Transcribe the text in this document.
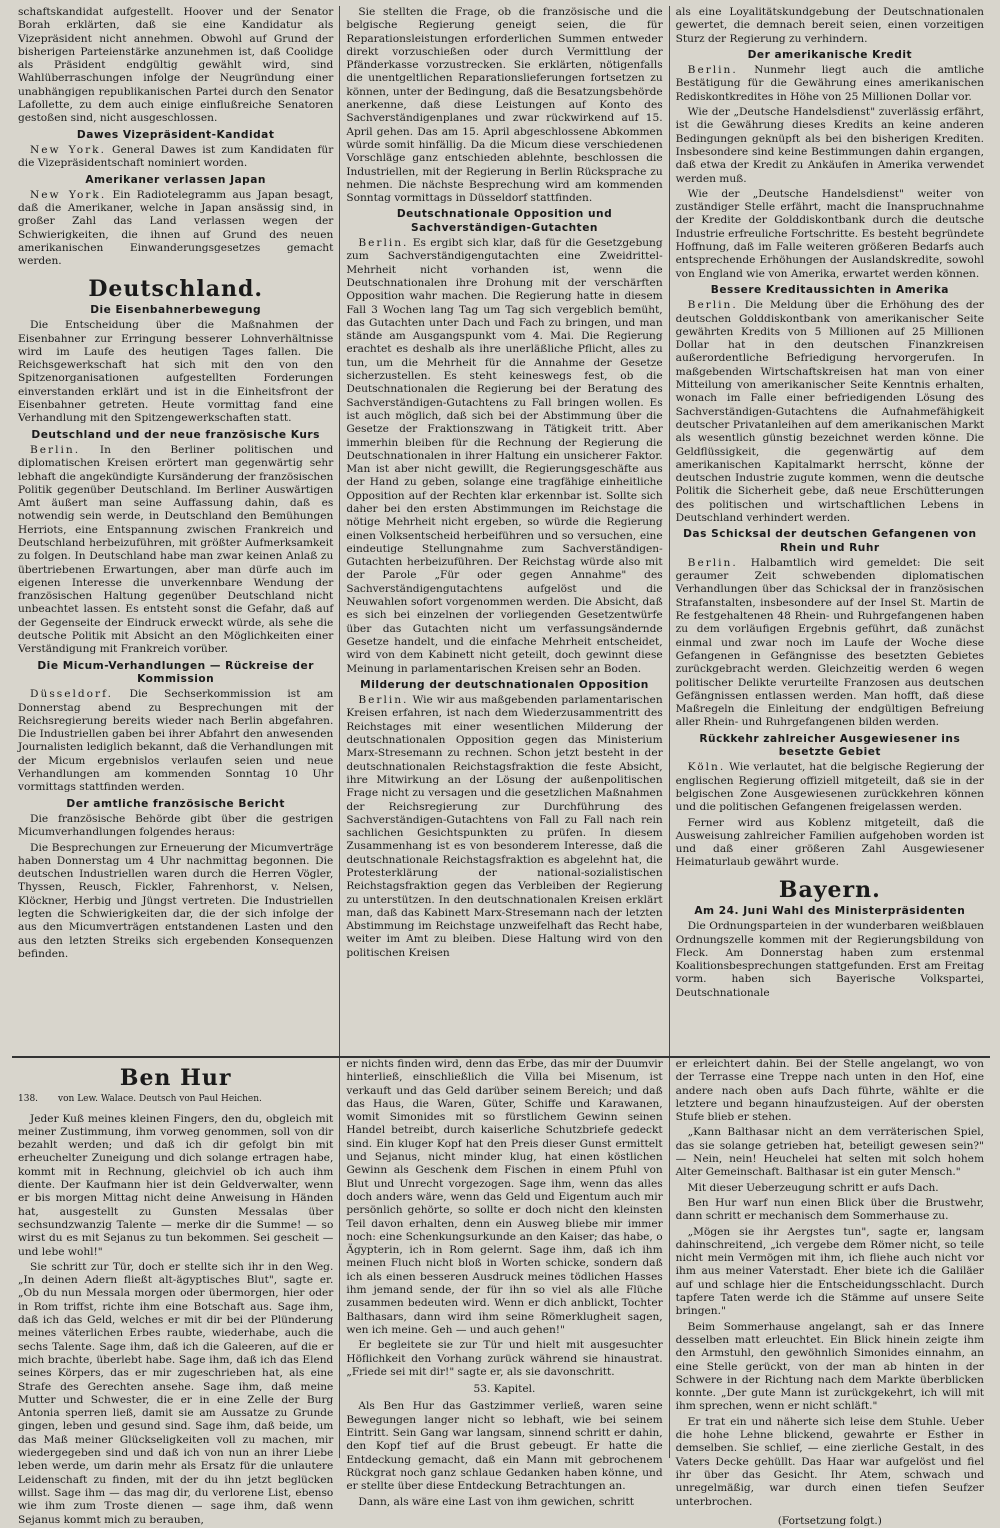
schaftskandidat aufgestellt. Hoover und der Senator Borah erklärten, daß sie eine Kandidatur als Vizepräsident nicht annehmen. Obwohl auf Grund der bisherigen Parteienstärke anzunehmen ist, daß Coolidge als Präsident endgültig gewählt wird, sind Wahlüberraschungen infolge der Neugründung einer unabhängigen republikanischen Partei durch den Senator Lafollette, zu dem auch einige einflußreiche Senatoren gestoßen sind, nicht ausgeschlossen.

Dawes Vizepräsident-Kandidat

New York. General Dawes ist zum Kandidaten für die Vizepräsidentschaft nominiert worden.

Amerikaner verlassen Japan

New York. Ein Radiotelegramm aus Japan besagt, daß die Amerikaner, welche in Japan ansässig sind, in großer Zahl das Land verlassen wegen der Schwierigkeiten, die ihnen auf Grund des neuen amerikanischen Einwanderungsgesetzes gemacht werden.

Deutschland.
Die Eisenbahnerbewegung

Die Entscheidung über die Maßnahmen der Eisenbahner zur Erringung besserer Lohnverhältnisse wird im Laufe des heutigen Tages fallen. Die Reichsgewerkschaft hat sich mit den von den Spitzenorganisationen aufgestellten Forderungen einverstanden erklärt und ist in die Einheitsfront der Eisenbahner getreten. Heute vormittag fand eine Verhandlung mit den Spitzengewerkschaften statt.

Deutschland und der neue französische Kurs

Berlin. In den Berliner politischen und diplomatischen Kreisen erörtert man gegenwärtig sehr lebhaft die angekündigte Kursänderung der französischen Politik gegenüber Deutschland. Im Berliner Auswärtigen Amt äußert man seine Auffassung dahin, daß es notwendig sein werde, in Deutschland den Bemühungen Herriots, eine Entspannung zwischen Frankreich und Deutschland herbeizuführen, mit größter Aufmerksamkeit zu folgen. In Deutschland habe man zwar keinen Anlaß zu übertriebenen Erwartungen, aber man dürfe auch im eigenen Interesse die unverkennbare Wendung der französischen Haltung gegenüber Deutschland nicht unbeachtet lassen. Es entsteht sonst die Gefahr, daß auf der Gegenseite der Eindruck erweckt würde, als sehe die deutsche Politik mit Absicht an den Möglichkeiten einer Verständigung mit Frankreich vorüber.

Die Micum-Verhandlungen — Rückreise der Kommission

Düsseldorf. Die Sechserkommission ist am Donnerstag abend zu Besprechungen mit der Reichsregierung bereits wieder nach Berlin abgefahren. Die Industriellen gaben bei ihrer Abfahrt den anwesenden Journalisten lediglich bekannt, daß die Verhandlungen mit der Micum ergebnislos verlaufen seien und neue Verhandlungen am kommenden Sonntag 10 Uhr vormittags stattfinden werden.

Der amtliche französische Bericht

Die französische Behörde gibt über die gestrigen Micumverhandlungen folgendes heraus:

Die Besprechungen zur Erneuerung der Micumverträge haben Donnerstag um 4 Uhr nachmittag begonnen. Die deutschen Industriellen waren durch die Herren Vögler, Thyssen, Reusch, Fickler, Fahrenhorst, v. Nelsen, Klöckner, Herbig und Jüngst vertreten. Die Industriellen legten die Schwierigkeiten dar, die der sich infolge der aus den Micumverträgen entstandenen Lasten und den aus den letzten Streiks sich ergebenden Konsequenzen befinden.

Sie stellten die Frage, ob die französische und die belgische Regierung geneigt seien, die für Reparationsleistungen erforderlichen Summen entweder direkt vorzuschießen oder durch Vermittlung der Pfänderkasse vorzustrecken. Sie erklärten, nötigenfalls die unentgeltlichen Reparationslieferungen fortsetzen zu können, unter der Bedingung, daß die Besatzungsbehörde anerkenne, daß diese Leistungen auf Konto des Sachverständigenplanes und zwar rückwirkend auf 15. April gehen. Das am 15. April abgeschlossene Abkommen würde somit hinfällig. Da die Micum diese verschiedenen Vorschläge ganz entschieden ablehnte, beschlossen die Industriellen, mit der Regierung in Berlin Rücksprache zu nehmen. Die nächste Besprechung wird am kommenden Sonntag vormittags in Düsseldorf stattfinden.

Deutschnationale Opposition und Sachverständigen-Gutachten

Berlin. Es ergibt sich klar, daß für die Gesetzgebung zum Sachverständigengutachten eine Zweidrittel-Mehrheit nicht vorhanden ist, wenn die Deutschnationalen ihre Drohung mit der verschärften Opposition wahr machen. Die Regierung hatte in diesem Fall 3 Wochen lang Tag um Tag sich vergeblich bemüht, das Gutachten unter Dach und Fach zu bringen, und man stände am Ausgangspunkt vom 4. Mai. Die Regierung erachtet es deshalb als ihre unerläßliche Pflicht, alles zu tun, um die Mehrheit für die Annahme der Gesetze sicherzustellen. Es steht keineswegs fest, ob die Deutschnationalen die Regierung bei der Beratung des Sachverständigen-Gutachtens zu Fall bringen wollen. Es ist auch möglich, daß sich bei der Abstimmung über die Gesetze der Fraktionszwang in Tätigkeit tritt. Aber immerhin bleiben für die Rechnung der Regierung die Deutschnationalen in ihrer Haltung ein unsicherer Faktor. Man ist aber nicht gewillt, die Regierungsgeschäfte aus der Hand zu geben, solange eine tragfähige einheitliche Opposition auf der Rechten klar erkennbar ist. Sollte sich daher bei den ersten Abstimmungen im Reichstage die nötige Mehrheit nicht ergeben, so würde die Regierung einen Volksentscheid herbeiführen und so versuchen, eine eindeutige Stellungnahme zum Sachverständigen-Gutachten herbeizuführen. Der Reichstag würde also mit der Parole „Für oder gegen Annahme" des Sachverständigengutachtens aufgelöst und die Neuwahlen sofort vorgenommen werden. Die Absicht, daß es sich bei einzelnen der vorliegenden Gesetzentwürfe über das Gutachten nicht um verfassungsändernde Gesetze handelt, und die einfache Mehrheit entscheidet, wird von dem Kabinett nicht geteilt, doch gewinnt diese Meinung in parlamentarischen Kreisen sehr an Boden.

Milderung der deutschnationalen Opposition

Berlin. Wie wir aus maßgebenden parlamentarischen Kreisen erfahren, ist nach dem Wiederzusammentritt des Reichstages mit einer wesentlichen Milderung der deutschnationalen Opposition gegen das Ministerium Marx-Stresemann zu rechnen. Schon jetzt besteht in der deutschnationalen Reichstagsfraktion die feste Absicht, ihre Mitwirkung an der Lösung der außenpolitischen Frage nicht zu versagen und die gesetzlichen Maßnahmen der Reichsregierung zur Durchführung des Sachverständigen-Gutachtens von Fall zu Fall nach rein sachlichen Gesichtspunkten zu prüfen. In diesem Zusammenhang ist es von besonderem Interesse, daß die deutschnationale Reichstagsfraktion es abgelehnt hat, die Protesterklärung der national-sozialistischen Reichstagsfraktion gegen das Verbleiben der Regierung zu unterstützen. In den deutschnationalen Kreisen erklärt man, daß das Kabinett Marx-Stresemann nach der letzten Abstimmung im Reichstage unzweifelhaft das Recht habe, weiter im Amt zu bleiben. Diese Haltung wird von den politischen Kreisen

als eine Loyalitätskundgebung der Deutschnationalen gewertet, die demnach bereit seien, einen vorzeitigen Sturz der Regierung zu verhindern.

Der amerikanische Kredit

Berlin. Nunmehr liegt auch die amtliche Bestätigung für die Gewährung eines amerikanischen Rediskontkredites in Höhe von 25 Millionen Dollar vor.

Wie der „Deutsche Handelsdienst" zuverlässig erfährt, ist die Gewährung dieses Kredits an keine anderen Bedingungen geknüpft als bei den bisherigen Krediten. Insbesondere sind keine Bestimmungen dahin ergangen, daß etwa der Kredit zu Ankäufen in Amerika verwendet werden muß.

Wie der „Deutsche Handelsdienst" weiter von zuständiger Stelle erfährt, macht die Inanspruchnahme der Kredite der Golddiskontbank durch die deutsche Industrie erfreuliche Fortschritte. Es besteht begründete Hoffnung, daß im Falle weiteren größeren Bedarfs auch entsprechende Erhöhungen der Auslandskredite, sowohl von England wie von Amerika, erwartet werden können.

Bessere Kreditaussichten in Amerika

Berlin. Die Meldung über die Erhöhung des der deutschen Golddiskontbank von amerikanischer Seite gewährten Kredits von 5 Millionen auf 25 Millionen Dollar hat in den deutschen Finanzkreisen außerordentliche Befriedigung hervorgerufen. In maßgebenden Wirtschaftskreisen hat man von einer Mitteilung von amerikanischer Seite Kenntnis erhalten, wonach im Falle einer befriedigenden Lösung des Sachverständigen-Gutachtens die Aufnahmefähigkeit deutscher Privatanleihen auf dem amerikanischen Markt als wesentlich günstig bezeichnet werden könne. Die Geldflüssigkeit, die gegenwärtig auf dem amerikanischen Kapitalmarkt herrscht, könne der deutschen Industrie zugute kommen, wenn die deutsche Politik die Sicherheit gebe, daß neue Erschütterungen des politischen und wirtschaftlichen Lebens in Deutschland verhindert werden.

Das Schicksal der deutschen Gefangenen von Rhein und Ruhr

Berlin. Halbamtlich wird gemeldet: Die seit geraumer Zeit schwebenden diplomatischen Verhandlungen über das Schicksal der in französischen Strafanstalten, insbesondere auf der Insel St. Martin de Re festgehaltenen 48 Rhein- und Ruhrgefangenen haben zu dem vorläufigen Ergebnis geführt, daß zunächst einmal und zwar noch im Laufe der Woche diese Gefangenen in Gefängnisse des besetzten Gebietes zurückgebracht werden. Gleichzeitig werden 6 wegen politischer Delikte verurteilte Franzosen aus deutschen Gefängnissen entlassen werden. Man hofft, daß diese Maßregeln die Einleitung der endgültigen Befreiung aller Rhein- und Ruhrgefangenen bilden werden.

Rückkehr zahlreicher Ausgewiesener ins besetzte Gebiet

Köln. Wie verlautet, hat die belgische Regierung der englischen Regierung offiziell mitgeteilt, daß sie in der belgischen Zone Ausgewiesenen zurückkehren können und die politischen Gefangenen freigelassen werden.

Ferner wird aus Koblenz mitgeteilt, daß die Ausweisung zahlreicher Familien aufgehoben worden ist und daß einer größeren Zahl Ausgewiesener Heimaturlaub gewährt wurde.

Bayern.
Am 24. Juni Wahl des Ministerpräsidenten

Die Ordnungsparteien in der wunderbaren weißblauen Ordnungszelle kommen mit der Regierungsbildung von Fleck. Am Donnerstag haben zum erstenmal Koalitionsbesprechungen stattgefunden. Erst am Freitag vorm. haben sich Bayerische Volkspartei, Deutschnationale

Ben Hur

138. von Lew. Walace. Deutsch von Paul Heichen.

Jeder Kuß meines kleinen Fingers, den du, obgleich mit meiner Zustimmung, ihm vorweg genommen, soll von dir bezahlt werden; und daß ich dir gefolgt bin mit erheuchelter Zuneigung und dich solange ertragen habe, kommt mit in Rechnung, gleichviel ob ich auch ihm diente. Der Kaufmann hier ist dein Geldverwalter, wenn er bis morgen Mittag nicht deine Anweisung in Händen hat, ausgestellt zu Gunsten Messalas über sechsundzwanzig Talente — merke dir die Summe! — so wirst du es mit Sejanus zu tun bekommen. Sei gescheit — und lebe wohl!"

Sie schritt zur Tür, doch er stellte sich ihr in den Weg. „In deinen Adern fließt alt-ägyptisches Blut", sagte er. „Ob du nun Messala morgen oder übermorgen, hier oder in Rom triffst, richte ihm eine Botschaft aus. Sage ihm, daß ich das Geld, welches er mit dir bei der Plünderung meines väterlichen Erbes raubte, wiederhabe, auch die sechs Talente. Sage ihm, daß ich die Galeeren, auf die er mich brachte, überlebt habe. Sage ihm, daß ich das Elend seines Körpers, das er mir zugeschrieben hat, als eine Strafe des Gerechten ansehe. Sage ihm, daß meine Mutter und Schwester, die er in eine Zelle der Burg Antonia sperren ließ, damit sie am Aussatze zu Grunde gingen, leben und gesund sind. Sage ihm, daß beide, um das Maß meiner Glückseligkeiten voll zu machen, mir wiedergegeben sind und daß ich von nun an ihrer Liebe leben werde, um darin mehr als Ersatz für die unlautere Leidenschaft zu finden, mit der du ihn jetzt beglücken willst. Sage ihm — das mag dir, du verlorene List, ebenso wie ihm zum Troste dienen — sage ihm, daß wenn Sejanus kommt mich zu berauben,

er nichts finden wird, denn das Erbe, das mir der Duumvir hinterließ, einschließlich die Villa bei Misenum, ist verkauft und das Geld darüber seinem Bereich; und daß das Haus, die Waren, Güter, Schiffe und Karawanen, womit Simonides mit so fürstlichem Gewinn seinen Handel betreibt, durch kaiserliche Schutzbriefe gedeckt sind. Ein kluger Kopf hat den Preis dieser Gunst ermittelt und Sejanus, nicht minder klug, hat einen köstlichen Gewinn als Geschenk dem Fischen in einem Pfuhl von Blut und Unrecht vorgezogen. Sage ihm, wenn das alles doch anders wäre, wenn das Geld und Eigentum auch mir persönlich gehörte, so sollte er doch nicht den kleinsten Teil davon erhalten, denn ein Ausweg bliebe mir immer noch: eine Schenkungsurkunde an den Kaiser; das habe, o Ägypterin, ich in Rom gelernt. Sage ihm, daß ich ihm meinen Fluch nicht bloß in Worten schicke, sondern daß ich als einen besseren Ausdruck meines tödlichen Hasses ihm jemand sende, der für ihn so viel als alle Flüche zusammen bedeuten wird. Wenn er dich anblickt, Tochter Balthasars, dann wird ihm seine Römerklugheit sagen, wen ich meine. Geh — und auch gehen!"

Er begleitete sie zur Tür und hielt mit ausgesuchter Höflichkeit den Vorhang zurück während sie hinaustrat. „Friede sei mit dir!" sagte er, als sie davonschritt.

53. Kapitel.

Als Ben Hur das Gastzimmer verließ, waren seine Bewegungen langer nicht so lebhaft, wie bei seinem Eintritt. Sein Gang war langsam, sinnend schritt er dahin, den Kopf tief auf die Brust gebeugt. Er hatte die Entdeckung gemacht, daß ein Mann mit gebrochenem Rückgrat noch ganz schlaue Gedanken haben könne, und er stellte über diese Entdeckung Betrachtungen an.

Dann, als wäre eine Last von ihm gewichen, schritt

er erleichtert dahin. Bei der Stelle angelangt, wo von der Terrasse eine Treppe nach unten in den Hof, eine andere nach oben aufs Dach führte, wählte er die letztere und begann hinaufzusteigen. Auf der obersten Stufe blieb er stehen.

„Kann Balthasar nicht an dem verräterischen Spiel, das sie solange getrieben hat, beteiligt gewesen sein?" — Nein, nein! Heuchelei hat selten mit solch hohem Alter Gemeinschaft. Balthasar ist ein guter Mensch."

Mit dieser Ueberzeugung schritt er aufs Dach.

Ben Hur warf nun einen Blick über die Brustwehr, dann schritt er mechanisch dem Sommerhause zu.

„Mögen sie ihr Aergstes tun", sagte er, langsam dahinschreitend, „ich vergebe dem Römer nicht, so teile nicht mein Vermögen mit ihm, ich fliehe auch nicht vor ihm aus meiner Vaterstadt. Eher biete ich die Galiläer auf und schlage hier die Entscheidungsschlacht. Durch tapfere Taten werde ich die Stämme auf unsere Seite bringen."

Beim Sommerhause angelangt, sah er das Innere desselben matt erleuchtet. Ein Blick hinein zeigte ihm den Armstuhl, den gewöhnlich Simonides einnahm, an eine Stelle gerückt, von der man ab hinten in der Schwere in der Richtung nach dem Markte überblicken konnte. „Der gute Mann ist zurückgekehrt, ich will mit ihm sprechen, wenn er nicht schläft."

Er trat ein und näherte sich leise dem Stuhle. Ueber die hohe Lehne blickend, gewahrte er Esther in demselben. Sie schlief, — eine zierliche Gestalt, in des Vaters Decke gehüllt. Das Haar war aufgelöst und fiel ihr über das Gesicht. Ihr Atem, schwach und unregelmäßig, war durch einen tiefen Seufzer unterbrochen.

(Fortsetzung folgt.)
